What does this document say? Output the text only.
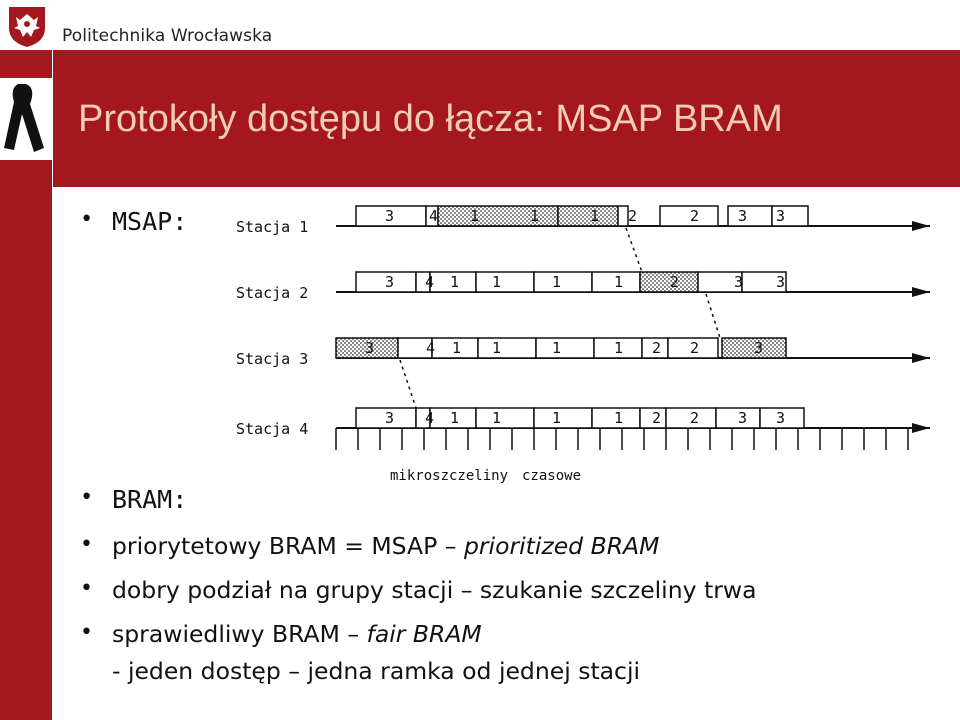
Politechnika Wrocławska
Protokoły dostępu do łącza: MSAP BRAM
• MSAP:	Stacja 1
3 4 1	1	1 2	2	3 3
Stacja 2
3 4 1 1	1	1	2	3 3
Stacja 3
3	4 1 1	1	1 2 2	3
Stacja 4
3 4 1 1	1	1 2 2	3 3
mikroszczeliny czasowe
• BRAM:
• priorytetowy BRAM = MSAP – prioritized BRAM
• dobry podział na grupy stacji – szukanie szczeliny trwa
• sprawiedliwy BRAM – fair BRAM
- jeden dostęp – jedna ramka od jednej stacji
